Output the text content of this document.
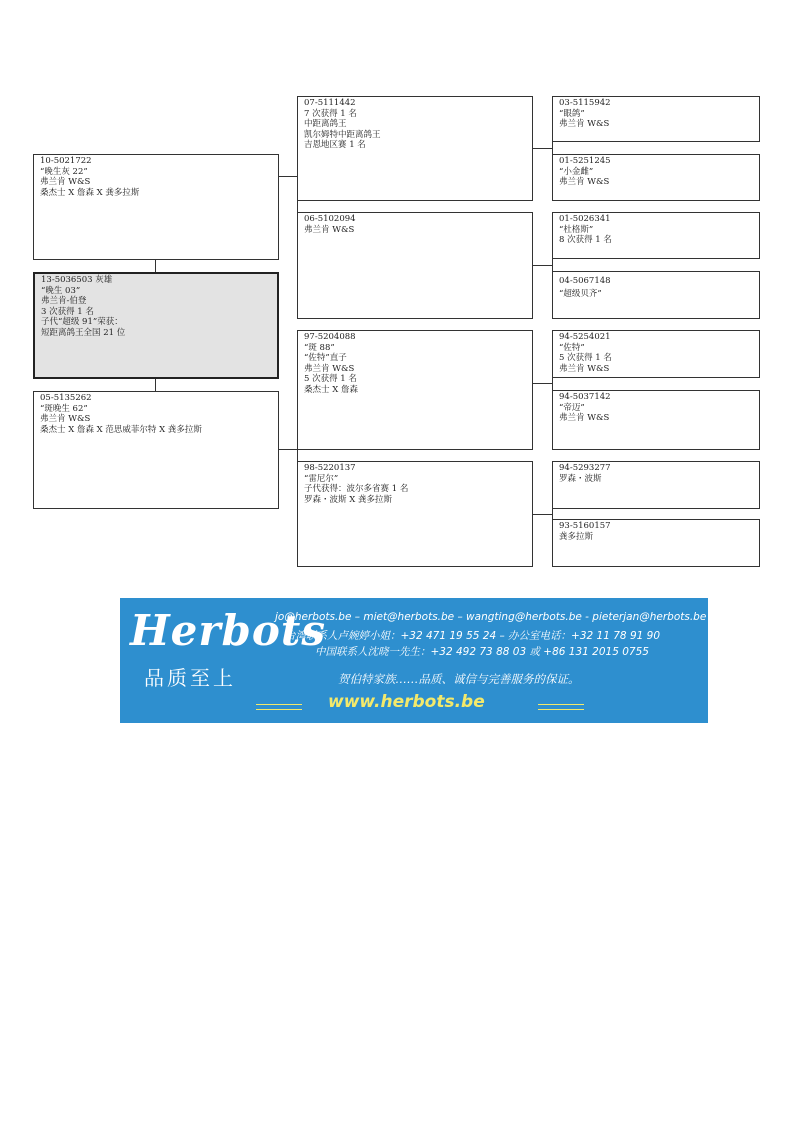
10-5021722
“晚生灰 22”
弗兰肯 W&S
桑杰士 X 詹森 X 龚多拉斯
13-5036503 灰雄
“晚生 03”
弗兰肯-伯登
3 次获得 1 名
子代“超级 91”荣获：
短距离鸽王全国 21 位
05-5135262
“斑晚生 62”
弗兰肯 W&S
桑杰士 X 詹森 X 范思威菲尔特 X 龚多拉斯
07-5111442
7 次获得 1 名
中距离鸽王
凯尔姆特中距离鸽王
吉恩地区赛 1 名
06-5102094
弗兰肯 W&S
97-5204088
“斑 88”
“佐特”直子
弗兰肯 W&S
5 次获得 1 名
桑杰士 X 詹森
98-5220137
“雷尼尔”
子代获得：波尔多省赛 1 名
罗森・波斯 X 龚多拉斯
03-5115942
“眼鸽”
弗兰肯 W&S
01-5251245
“小金雌”
弗兰肯 W&S
01-5026341
“杜格斯”
8 次获得 1 名
04-5067148
“超级贝齐”
94-5254021
“佐特”
5 次获得 1 名
弗兰肯 W&S
94-5037142
“帝迈”
弗兰肯 W&S
94-5293277
罗森・波斯
93-5160157
龚多拉斯
Herbots
品质至上
jo@herbots.be – miet@herbots.be – wangting@herbots.be - pieterjan@herbots.be
台湾联系人卢婉婷小姐：+32 471 19 55 24 – 办公室电话：+32 11 78 91 90
中国联系人沈晓一先生：+32 492 73 88 03 或 +86 131 2015 0755
贺伯特家族……品质、诚信与完善服务的保证。
www.herbots.be
